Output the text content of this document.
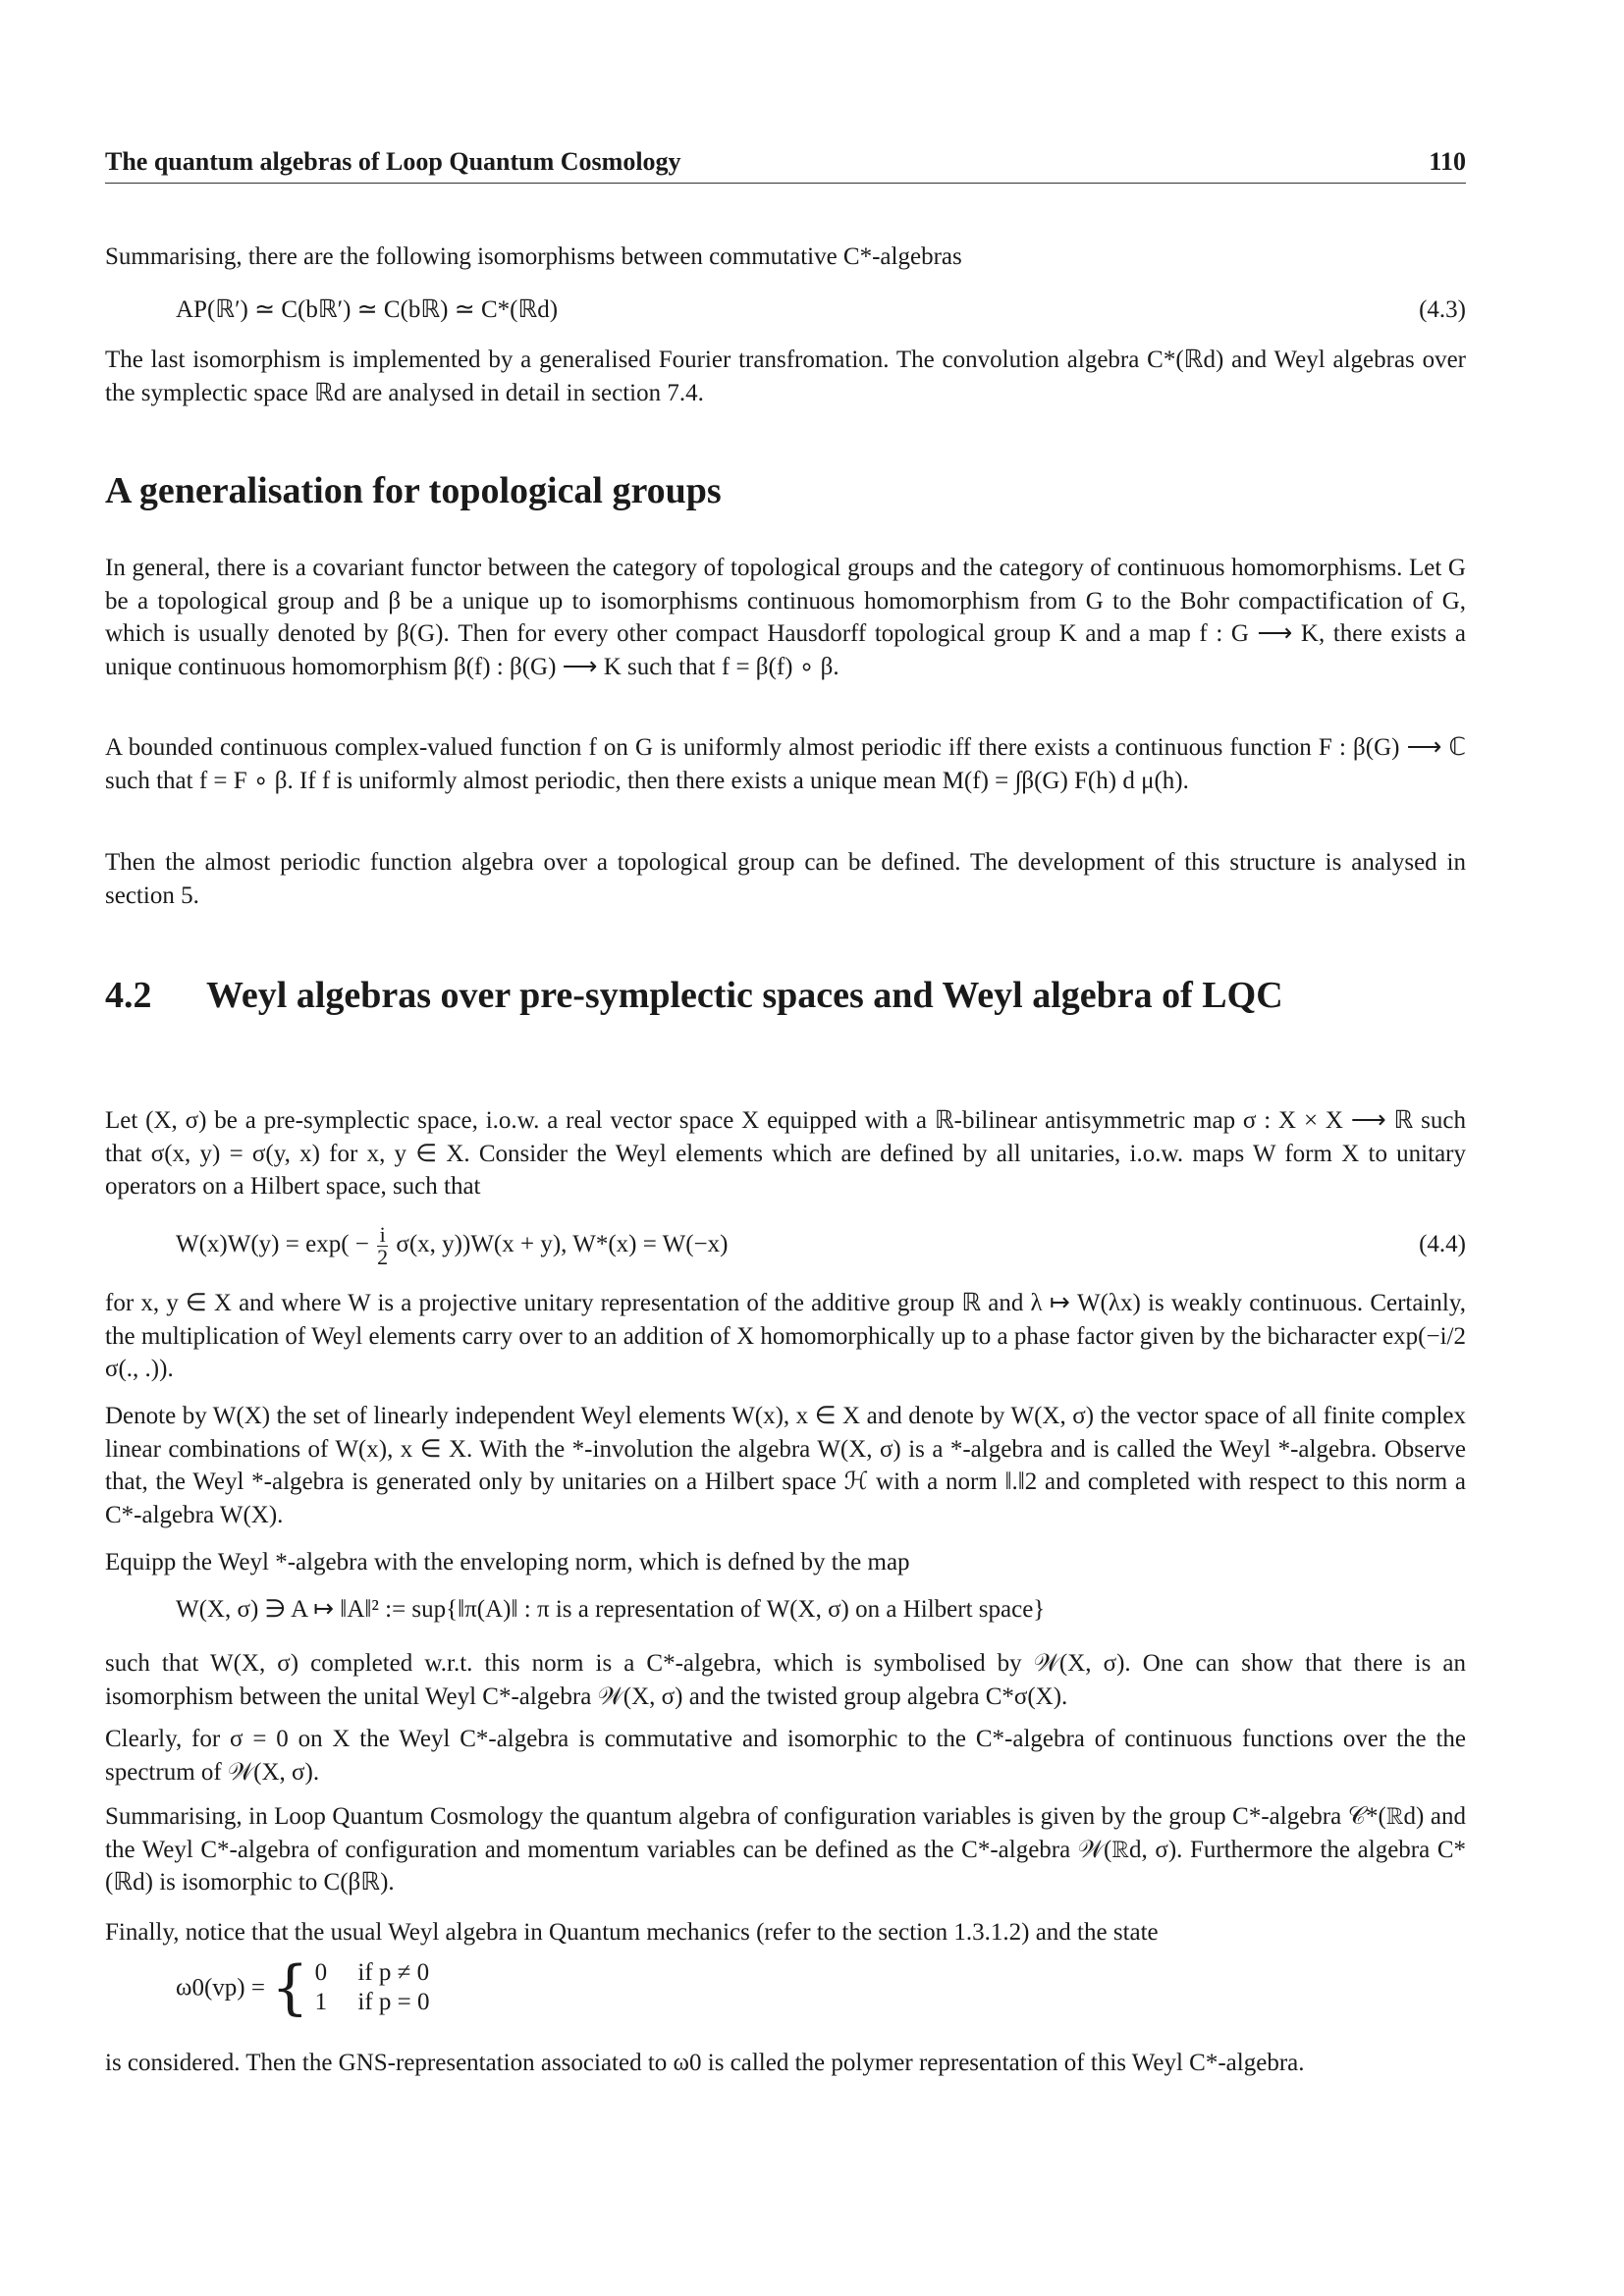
The quantum algebras of Loop Quantum Cosmology	110

Summarising, there are the following isomorphisms between commutative C*-algebras

AP(ℝ′) ≃ C(bℝ′) ≃ C(bℝ) ≃ C*(ℝd)	(4.3)

The last isomorphism is implemented by a generalised Fourier transfromation. The convolution algebra C*(ℝd) and Weyl algebras over the symplectic space ℝd are analysed in detail in section 7.4.

A generalisation for topological groups

In general, there is a covariant functor between the category of topological groups and the category of continuous homomorphisms. Let G be a topological group and β be a unique up to isomorphisms continuous homomorphism from G to the Bohr compactification of G, which is usually denoted by β(G). Then for every other compact Hausdorff topological group K and a map f : G ⟶ K, there exists a unique continuous homomorphism β(f) : β(G) ⟶ K such that f = β(f) ∘ β.

A bounded continuous complex-valued function f on G is uniformly almost periodic iff there exists a continuous function F : β(G) ⟶ ℂ such that f = F ∘ β. If f is uniformly almost periodic, then there exists a unique mean M(f) = ∫β(G) F(h) d μ(h).

Then the almost periodic function algebra over a topological group can be defined. The development of this structure is analysed in section 5.

4.2 Weyl algebras over pre-symplectic spaces and Weyl algebra of LQC

Let (X, σ) be a pre-symplectic space, i.o.w. a real vector space X equipped with a ℝ-bilinear antisymmetric map σ : X × X ⟶ ℝ such that σ(x, y) = σ(y, x) for x, y ∈ X. Consider the Weyl elements which are defined by all unitaries, i.o.w. maps W form X to unitary operators on a Hilbert space, such that

$W(x)W(y) = \exp( - \frac{i}{2} \sigma(x$, y))W(x + y), W*(x) = W(−x)	(4.4)

for x, y ∈ X and where W is a projective unitary representation of the additive group ℝ and λ ↦ W(λx) is weakly continuous. Certainly, the multiplication of Weyl elements carry over to an addition of X homomorphically up to a phase factor given by the bicharacter exp(−i/2 σ(., .)).

Denote by W(X) the set of linearly independent Weyl elements W(x), x ∈ X and denote by W(X, σ) the vector space of all finite complex linear combinations of W(x), x ∈ X. With the *-involution the algebra W(X, σ) is a *-algebra and is called the Weyl *-algebra. Observe that, the Weyl *-algebra is generated only by unitaries on a Hilbert space ℋ with a norm ‖.‖2 and completed with respect to this norm a C*-algebra W(X).

Equipp the Weyl *-algebra with the enveloping norm, which is defned by the map

W(X, σ) ∋ A ↦ ‖A‖² := sup{‖π(A)‖ : π is a representation of W(X, σ) on a Hilbert space}

such that W(X, σ) completed w.r.t. this norm is a C*-algebra, which is symbolised by 𝒲(X, σ). One can show that there is an isomorphism between the unital Weyl C*-algebra 𝒲(X, σ) and the twisted group algebra C*σ(X).

Clearly, for σ = 0 on X the Weyl C*-algebra is commutative and isomorphic to the C*-algebra of continuous functions over the the spectrum of 𝒲(X, σ).

Summarising, in Loop Quantum Cosmology the quantum algebra of configuration variables is given by the group C*-algebra 𝒞*(ℝd) and the Weyl C*-algebra of configuration and momentum variables can be defined as the C*-algebra 𝒲(ℝd, σ). Furthermore the algebra C*(ℝd) is isomorphic to C(βℝ).

Finally, notice that the usual Weyl algebra in Quantum mechanics (refer to the section 1.3.1.2) and the state

ω0(vp) = { 0 if p ≠ 0
1 if p = 0

is considered. Then the GNS-representation associated to ω0 is called the polymer representation of this Weyl C*-algebra.
